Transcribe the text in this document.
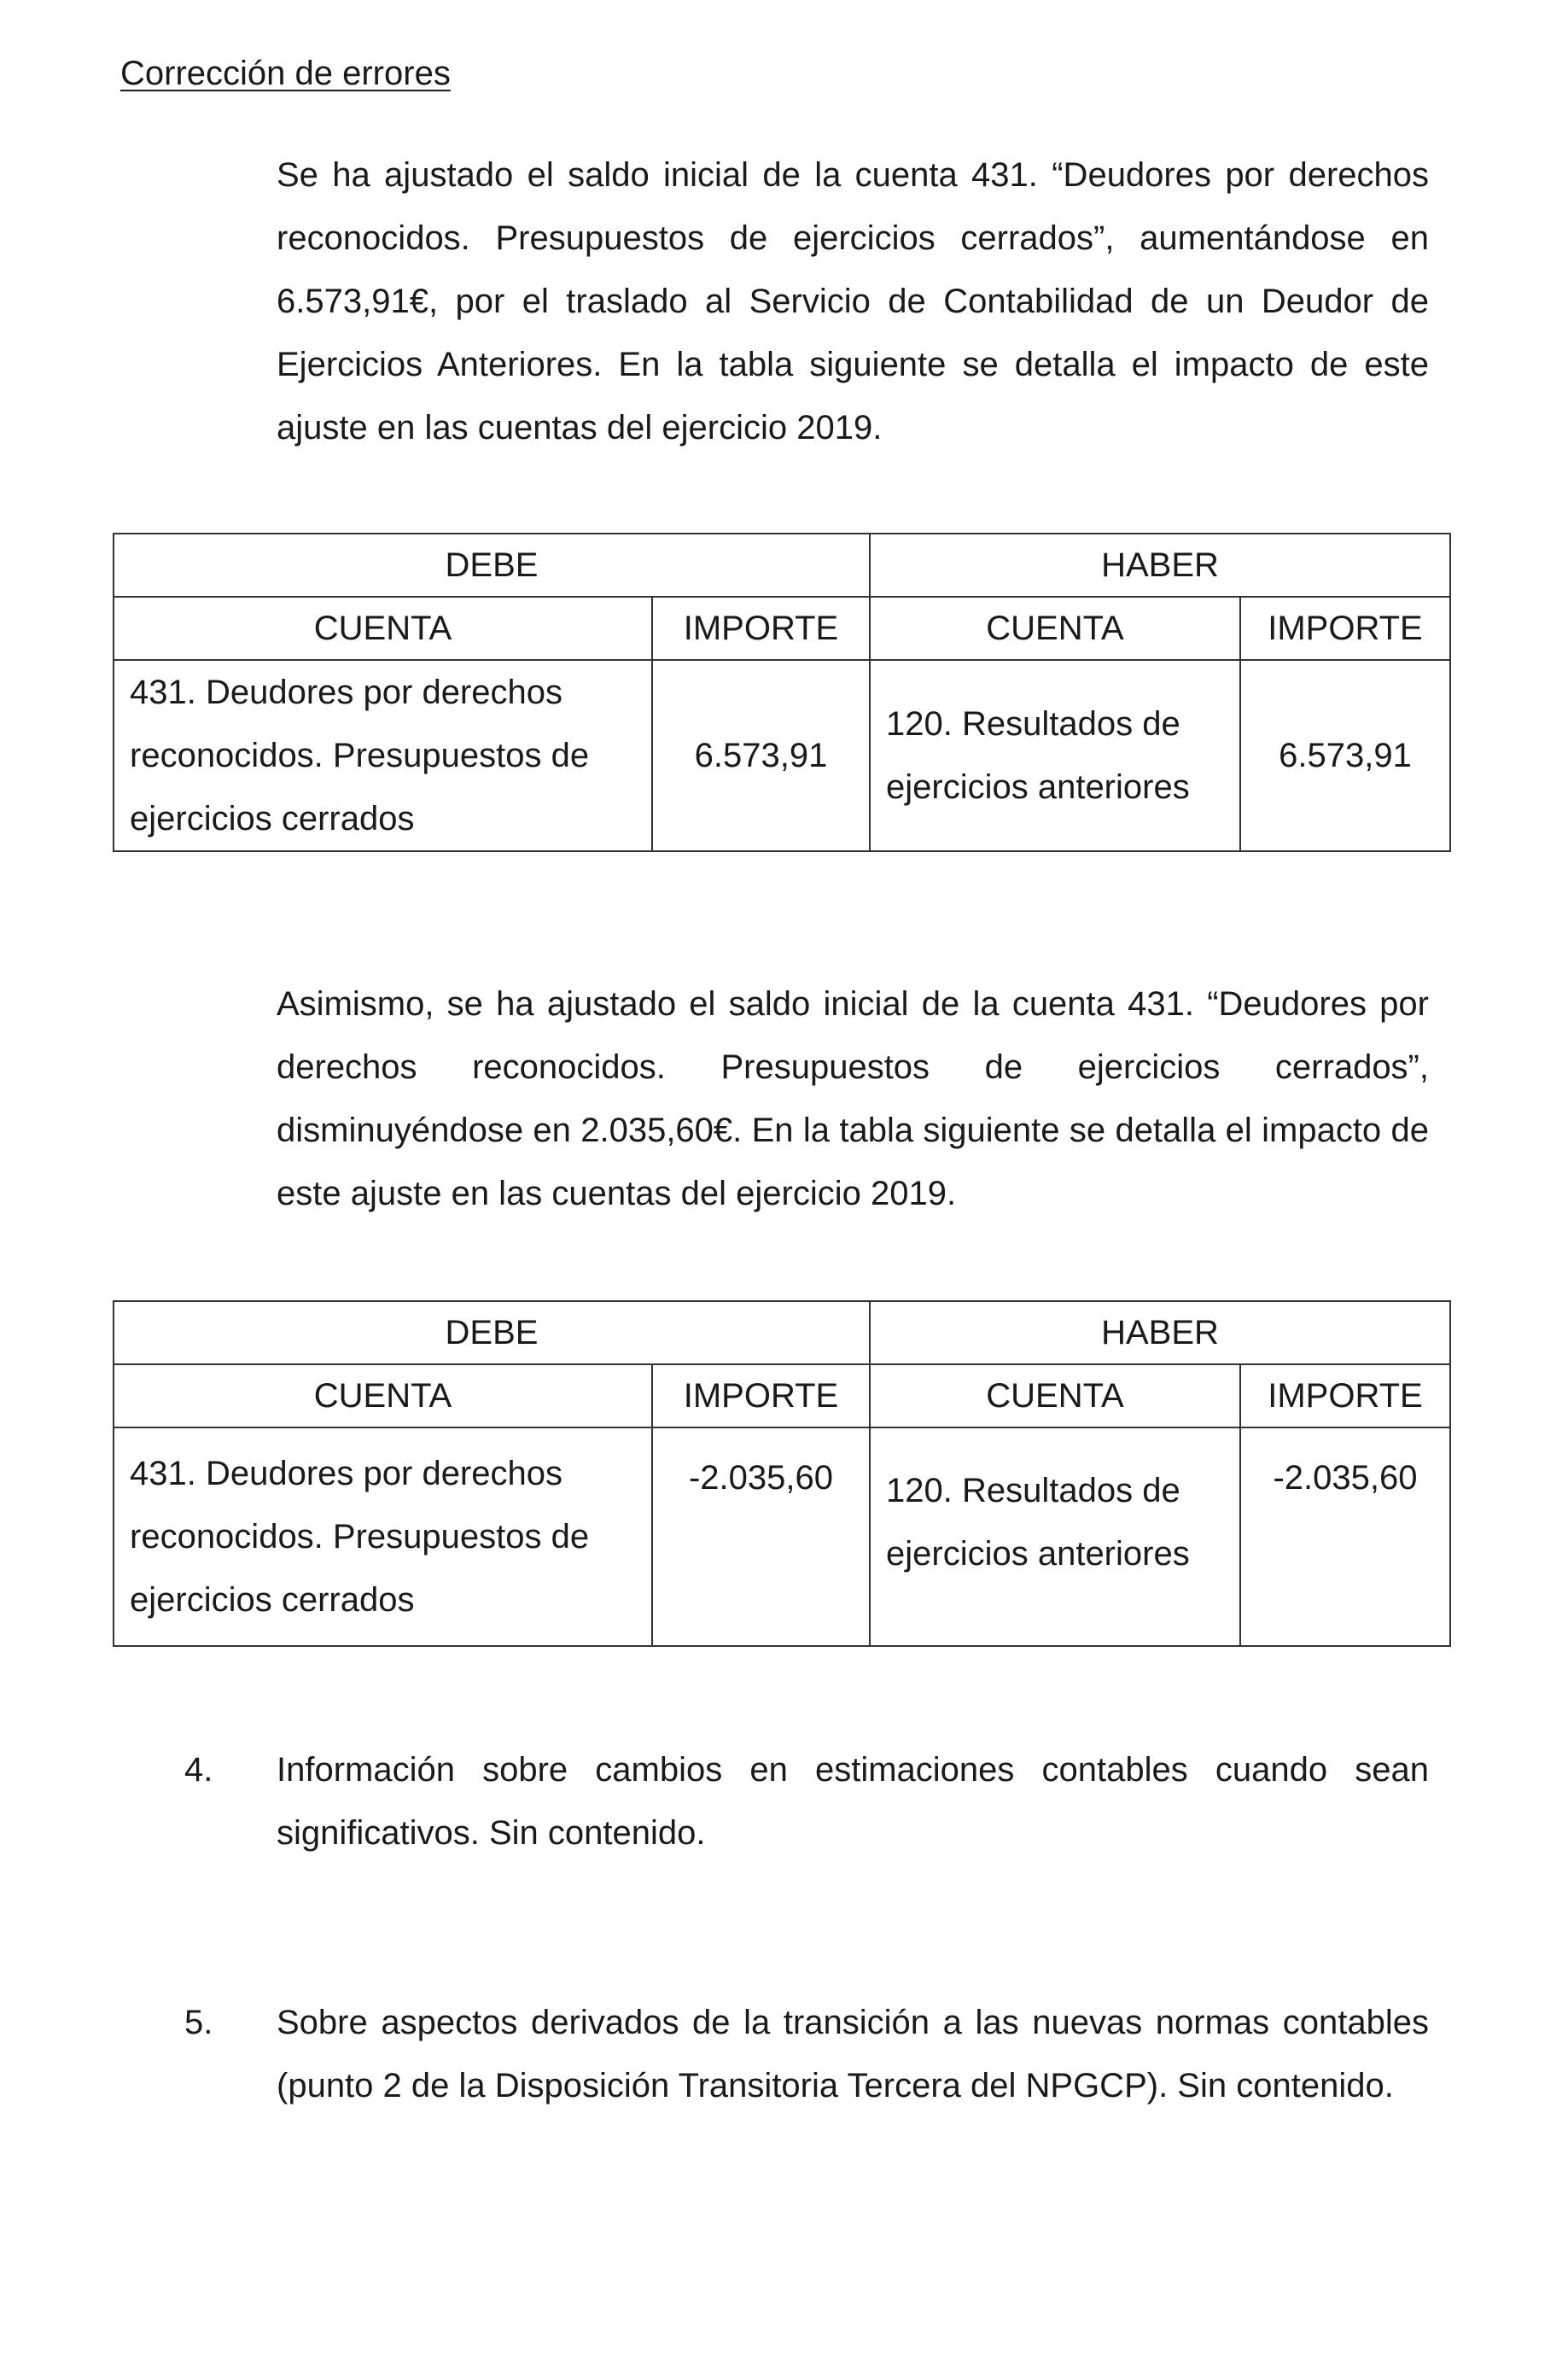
Corrección de errores

Se ha ajustado el saldo inicial de la cuenta 431. “Deudores por derechos reconocidos. Presupuestos de ejercicios cerrados”, aumentándose en 6.573,91€, por el traslado al Servicio de Contabilidad de un Deudor de Ejercicios Anteriores. En la tabla siguiente se detalla el impacto de este ajuste en las cuentas del ejercicio 2019.

DEBE		HABER	
CUENTA	IMPORTE	CUENTA	IMPORTE
431. Deudores por derechos reconocidos. Presupuestos de ejercicios cerrados	6.573,91	120. Resultados de ejercicios anteriores	6.573,91

Asimismo, se ha ajustado el saldo inicial de la cuenta 431. “Deudores por derechos reconocidos. Presupuestos de ejercicios cerrados”, disminuyéndose en 2.035,60€. En la tabla siguiente se detalla el impacto de este ajuste en las cuentas del ejercicio 2019.

DEBE		HABER	
CUENTA	IMPORTE	CUENTA	IMPORTE
431. Deudores por derechos reconocidos. Presupuestos de ejercicios cerrados	-2.035,60	120. Resultados de ejercicios anteriores	-2.035,60
4. Información sobre cambios en estimaciones contables cuando sean significativos. Sin contenido.
5. Sobre aspectos derivados de la transición a las nuevas normas contables (punto 2 de la Disposición Transitoria Tercera del NPGCP). Sin contenido.
